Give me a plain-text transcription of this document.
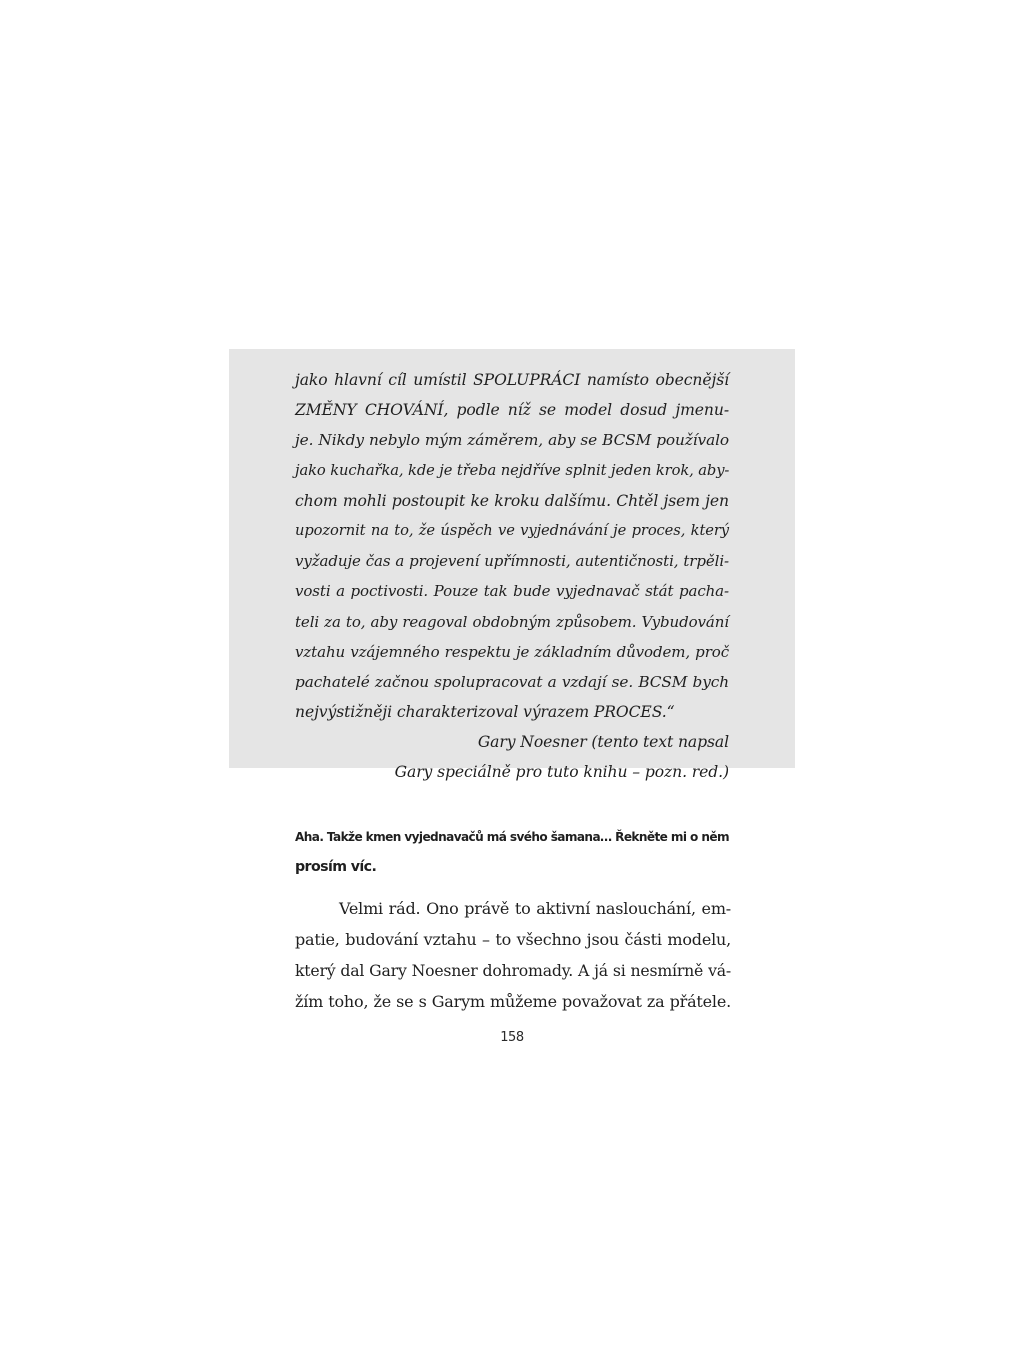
jako hlavní cíl umístil SPOLUPRÁCI namísto obecnější
ZMĚNY CHOVÁNÍ, podle níž se model dosud jmenu-
je. Nikdy nebylo mým záměrem, aby se BCSM používalo
jako kuchařka, kde je třeba nejdříve splnit jeden krok, aby-
chom mohli postoupit ke kroku dalšímu. Chtěl jsem jen
upozornit na to, že úspěch ve vyjednávání je proces, který
vyžaduje čas a projevení upřímnosti, autentičnosti, trpěli-
vosti a poctivosti. Pouze tak bude vyjednavač stát pacha-
teli za to, aby reagoval obdobným způsobem. Vybudování
vztahu vzájemného respektu je základním důvodem, proč
pachatelé začnou spolupracovat a vzdají se. BCSM bych
nejvýstižněji charakterizoval výrazem PROCES.“
Gary Noesner (tento text napsal
Gary speciálně pro tuto knihu – pozn. red.)
Aha. Takže kmen vyjednavačů má svého šamana… Řekněte mi o něm
prosím víc.
Velmi rád. Ono právě to aktivní naslouchání, em-
patie, budování vztahu – to všechno jsou části modelu,
který dal Gary Noesner dohromady. A já si nesmírně vá-
žím toho, že se s Garym můžeme považovat za přátele.
158
